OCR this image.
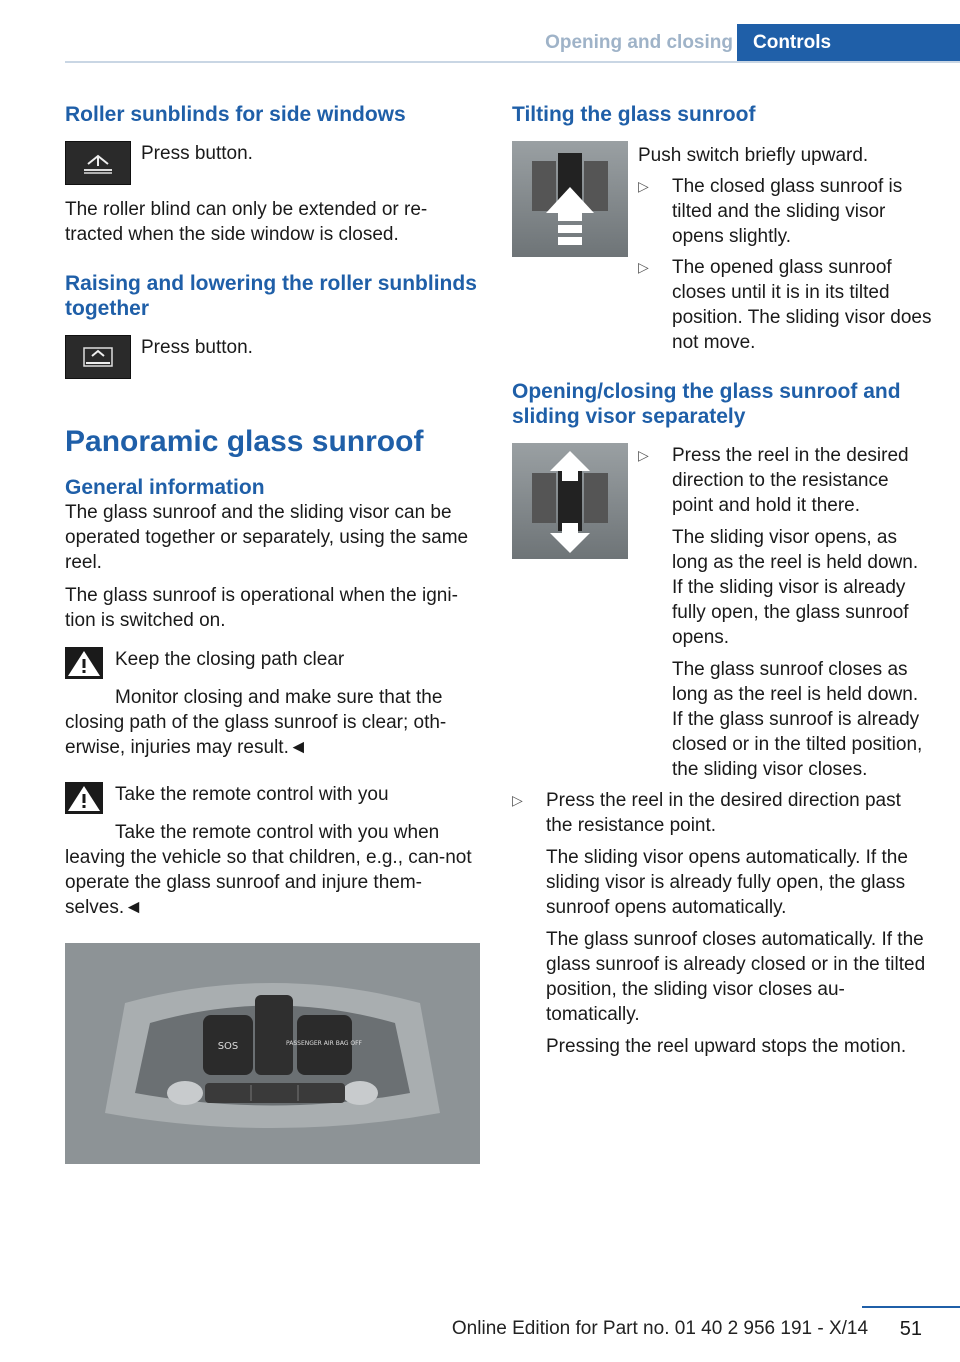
Opening and closing	Controls
Roller sunblinds for side windows

Press button.

The roller blind can only be extended or re-tracted when the side window is closed.

Raising and lowering the roller sunblinds together

Press button.

Panoramic glass sunroof
General information

The glass sunroof and the sliding visor can be operated together or separately, using the same reel.

The glass sunroof is operational when the igni-tion is switched on.

Keep the closing path clear

Monitor closing and make sure that the closing path of the glass sunroof is clear; oth-erwise, injuries may result.◄

Take the remote control with you

Take the remote control with you when leaving the vehicle so that children, e.g., can-not operate the glass sunroof and injure them-selves.◄

SOS	PASSENGER AIR BAG OFF
Tilting the glass sunroof

Push switch briefly upward.

▷	The closed glass sunroof is tilted and the sliding visor opens slightly.

▷	The opened glass sunroof closes until it is in its tilted position. The sliding visor does not move.

Opening/closing the glass sunroof and sliding visor separately
▷	Press the reel in the desired direction to the resistance point and hold it there.

The sliding visor opens, as long as the reel is held down. If the sliding visor is already fully open, the glass sunroof opens.

The glass sunroof closes as long as the reel is held down. If the glass sunroof is already closed or in the tilted position, the sliding visor closes.

▷	Press the reel in the desired direction past the resistance point.

The sliding visor opens automatically. If the sliding visor is already fully open, the glass sunroof opens automatically.

The glass sunroof closes automatically. If the glass sunroof is already closed or in the tilted position, the sliding visor closes au-tomatically.

Pressing the reel upward stops the motion.

Online Edition for Part no. 01 40 2 956 191 - X/14	51
